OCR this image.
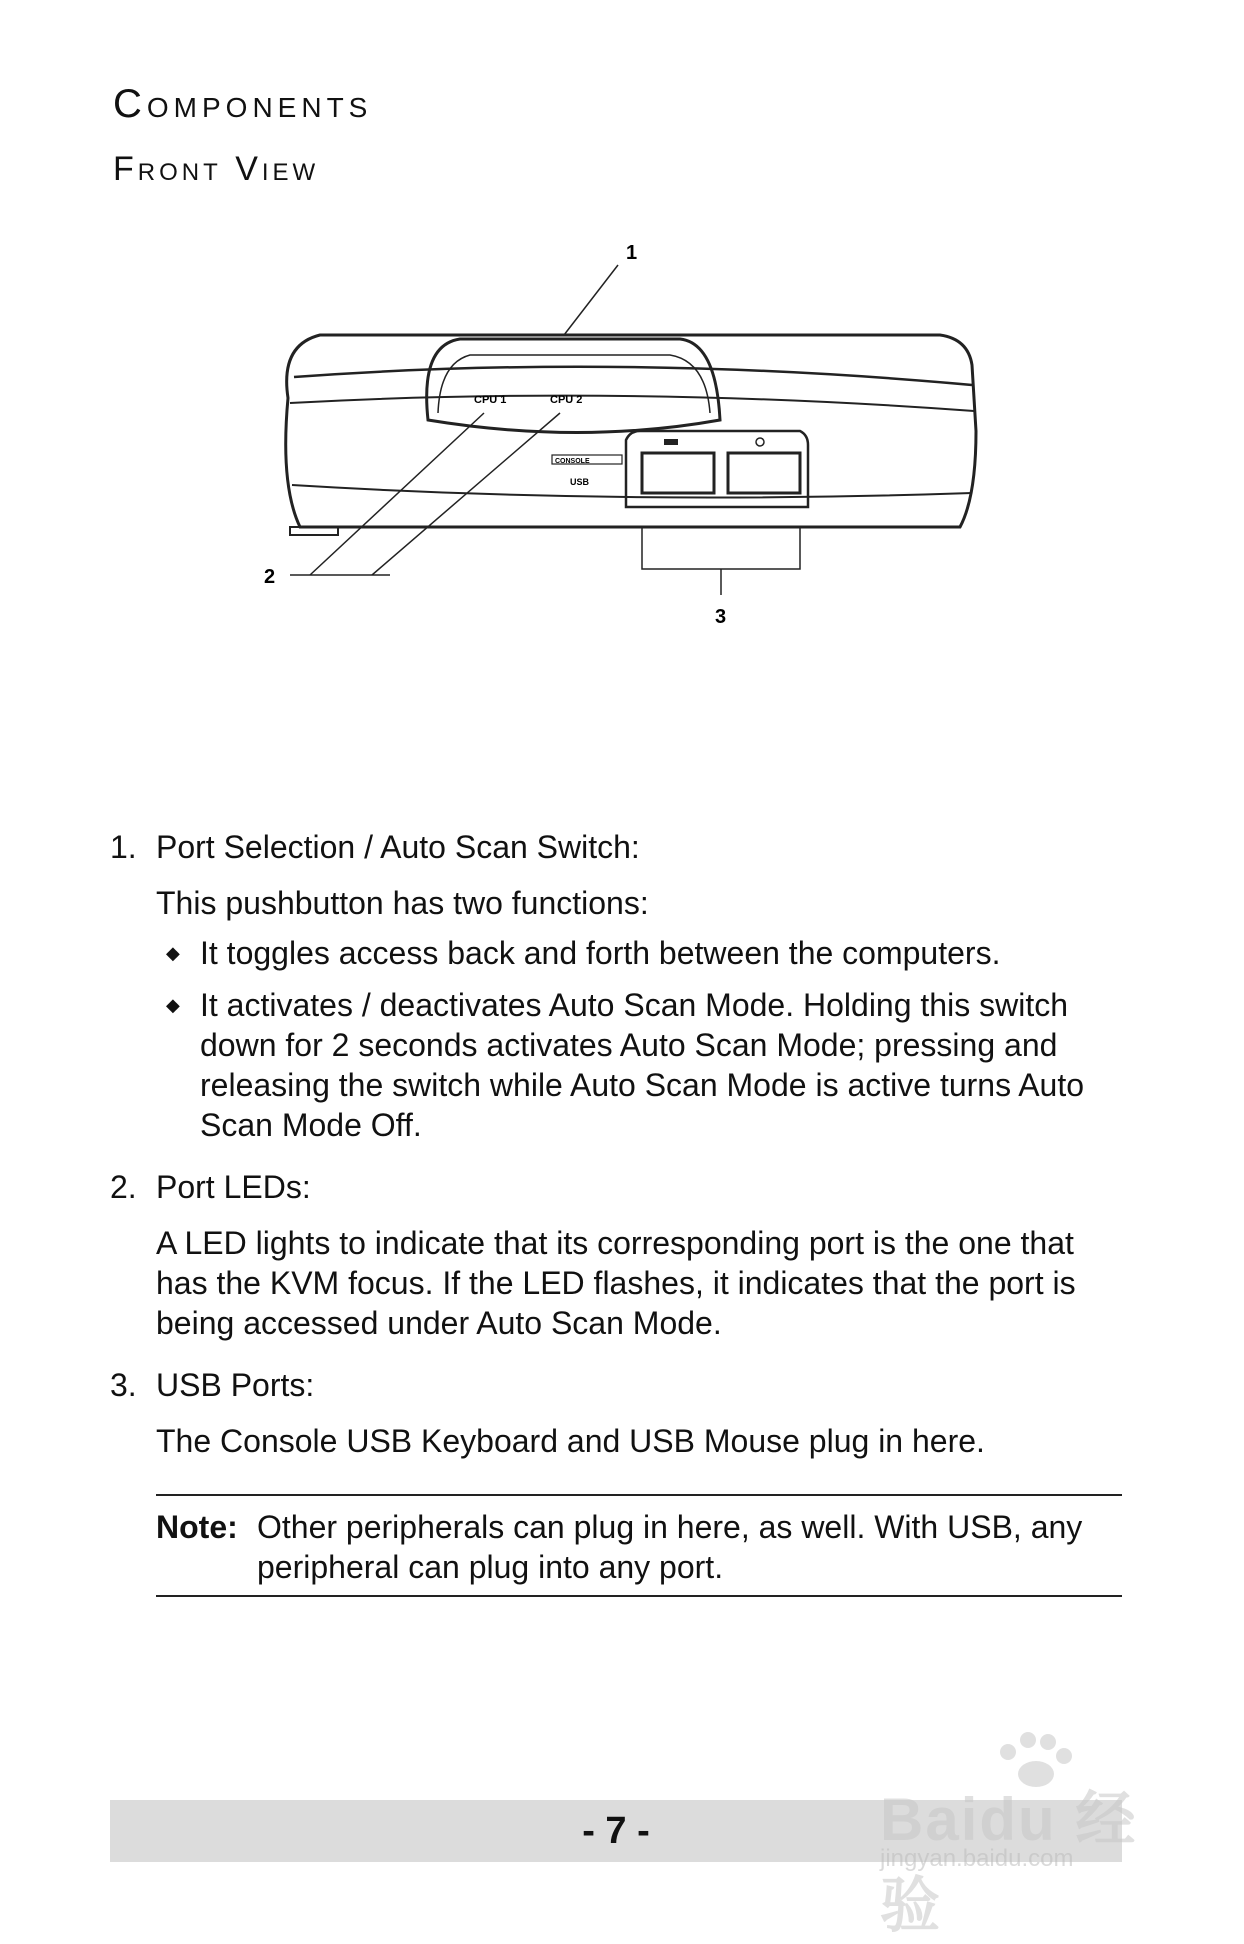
Components
Front View
CPU 1	CPU 2
CONSOLE
USB
1
2
3
1. Port Selection / Auto Scan Switch:
This pushbutton has two functions:
◆ It toggles access back and forth between the computers.
◆ It activates / deactivates Auto Scan Mode. Holding this switch down for 2 seconds activates Auto Scan Mode; pressing and releasing the switch while Auto Scan Mode is active turns Auto Scan Mode Off.
2. Port LEDs:
A LED lights to indicate that its corresponding port is the one that has the KVM focus. If the LED flashes, it indicates that the port is being accessed under Auto Scan Mode.
3. USB Ports:
The Console USB Keyboard and USB Mouse plug in here.
Note: Other peripherals can plug in here, as well. With USB, any peripheral can plug into any port.
- 7 -	Baidu 经验
jingyan.baidu.com
